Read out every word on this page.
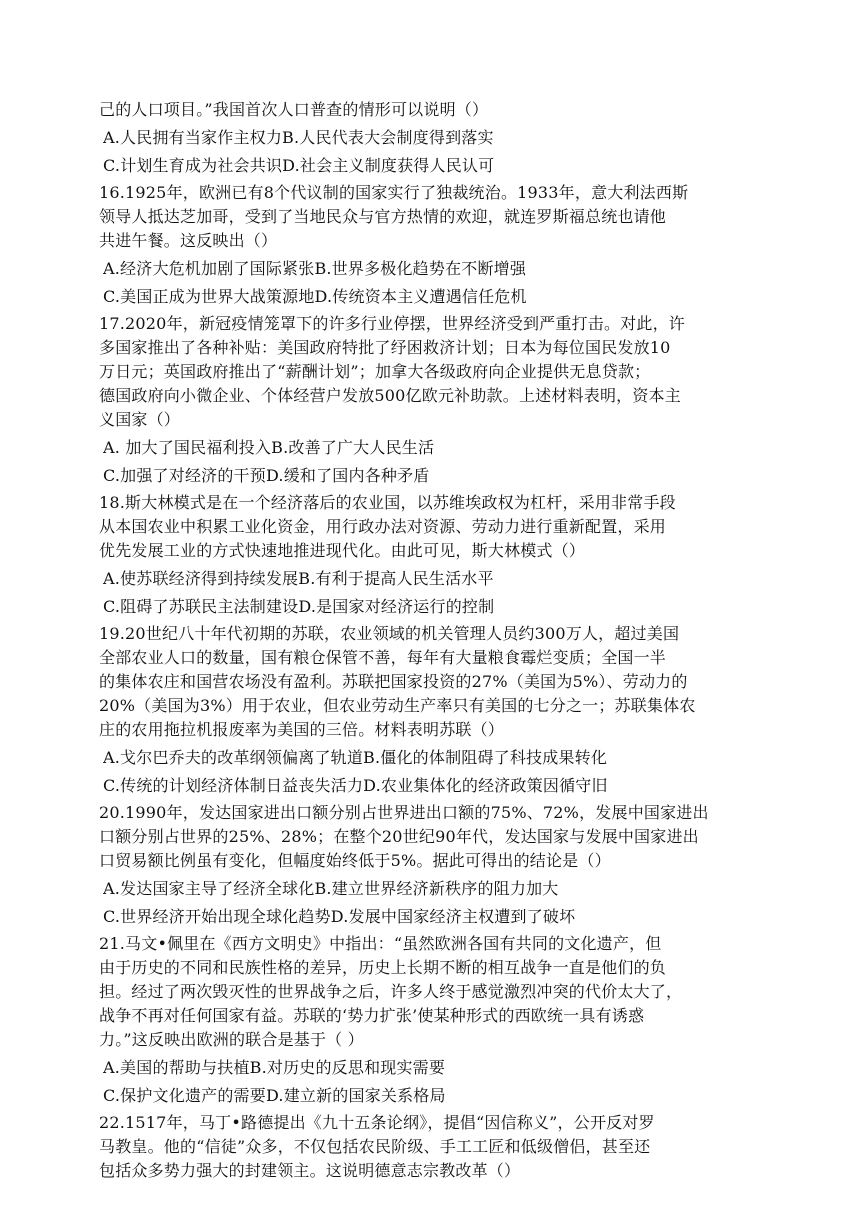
己的人口项目。”我国首次人口普查的情形可以说明（）
A.人民拥有当家作主权力B.人民代表大会制度得到落实
C.计划生育成为社会共识D.社会主义制度获得人民认可
16.1925年，欧洲已有8个代议制的国家实行了独裁统治。1933年，意大利法西斯
领导人抵达芝加哥，受到了当地民众与官方热情的欢迎，就连罗斯福总统也请他
共进午餐。这反映出（）
A.经济大危机加剧了国际紧张B.世界多极化趋势在不断增强
C.美国正成为世界大战策源地D.传统资本主义遭遇信任危机
17.2020年，新冠疫情笼罩下的许多行业停摆，世界经济受到严重打击。对此，许
多国家推出了各种补贴：美国政府特批了纾困救济计划；日本为每位国民发放10
万日元；英国政府推出了“薪酬计划”；加拿大各级政府向企业提供无息贷款；
德国政府向小微企业、个体经营户发放500亿欧元补助款。上述材料表明，资本主
义国家（）
A. 加大了国民福利投入B.改善了广大人民生活
C.加强了对经济的干预D.缓和了国内各种矛盾
18.斯大林模式是在一个经济落后的农业国，以苏维埃政权为杠杆，采用非常手段
从本国农业中积累工业化资金，用行政办法对资源、劳动力进行重新配置，采用
优先发展工业的方式快速地推进现代化。由此可见，斯大林模式（）
A.使苏联经济得到持续发展B.有利于提高人民生活水平
C.阻碍了苏联民主法制建设D.是国家对经济运行的控制
19.20世纪八十年代初期的苏联，农业领域的机关管理人员约300万人，超过美国
全部农业人口的数量，国有粮仓保管不善，每年有大量粮食霉烂变质；全国一半
的集体农庄和国营农场没有盈利。苏联把国家投资的27%（美国为5%）、劳动力的
20%（美国为3%）用于农业，但农业劳动生产率只有美国的七分之一；苏联集体农
庄的农用拖拉机报废率为美国的三倍。材料表明苏联（）
A.戈尔巴乔夫的改革纲领偏离了轨道B.僵化的体制阻碍了科技成果转化
C.传统的计划经济体制日益丧失活力D.农业集体化的经济政策因循守旧
20.1990年，发达国家进出口额分别占世界进出口额的75%、72%，发展中国家进出
口额分别占世界的25%、28%；在整个20世纪90年代，发达国家与发展中国家进出
口贸易额比例虽有变化，但幅度始终低于5%。据此可得出的结论是（）
A.发达国家主导了经济全球化B.建立世界经济新秩序的阻力加大
C.世界经济开始出现全球化趋势D.发展中国家经济主权遭到了破坏
21.马文•佩里在《西方文明史》中指出：“虽然欧洲各国有共同的文化遗产，但
由于历史的不同和民族性格的差异，历史上长期不断的相互战争一直是他们的负
担。经过了两次毁灭性的世界战争之后，许多人终于感觉激烈冲突的代价太大了，
战争不再对任何国家有益。苏联的‘势力扩张’使某种形式的西欧统一具有诱惑
力。”这反映出欧洲的联合是基于（ ）
A.美国的帮助与扶植B.对历史的反思和现实需要
C.保护文化遗产的需要D.建立新的国家关系格局
22.1517年，马丁•路德提出《九十五条论纲》，提倡“因信称义”，公开反对罗
马教皇。他的“信徒”众多，不仅包括农民阶级、手工工匠和低级僧侣，甚至还
包括众多势力强大的封建领主。这说明德意志宗教改革（）
